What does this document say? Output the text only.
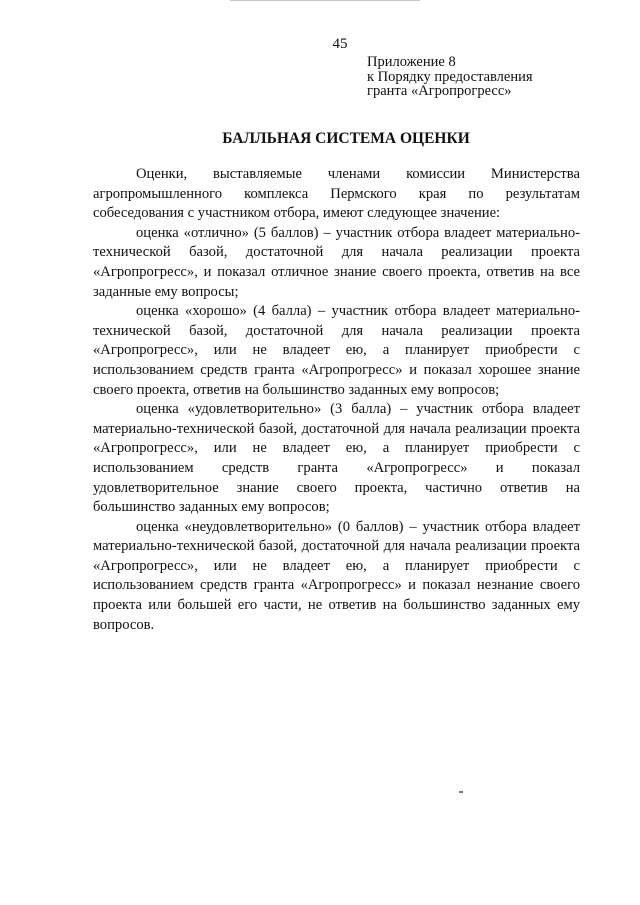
45
Приложение 8
к Порядку предоставления
гранта «Агропрогресс»
БАЛЛЬНАЯ СИСТЕМА ОЦЕНКИ

Оценки, выставляемые членами комиссии Министерства агропромышленного комплекса Пермского края по результатам собеседования с участником отбора, имеют следующее значение:

оценка «отлично» (5 баллов) – участник отбора владеет материально-технической базой, достаточной для начала реализации проекта «Агропрогресс», и показал отличное знание своего проекта, ответив на все заданные ему вопросы;

оценка «хорошо» (4 балла) – участник отбора владеет материально-технической базой, достаточной для начала реализации проекта «Агропрогресс», или не владеет ею, а планирует приобрести с использованием средств гранта «Агропрогресс» и показал хорошее знание своего проекта, ответив на большинство заданных ему вопросов;

оценка «удовлетворительно» (3 балла) – участник отбора владеет материально-технической базой, достаточной для начала реализации проекта «Агропрогресс», или не владеет ею, а планирует приобрести с использованием средств гранта «Агропрогресс» и показал удовлетворительное знание своего проекта, частично ответив на большинство заданных ему вопросов;

оценка «неудовлетворительно» (0 баллов) – участник отбора владеет материально-технической базой, достаточной для начала реализации проекта «Агропрогресс», или не владеет ею, а планирует приобрести с использованием средств гранта «Агропрогресс» и показал незнание своего проекта или большей его части, не ответив на большинство заданных ему вопросов.
